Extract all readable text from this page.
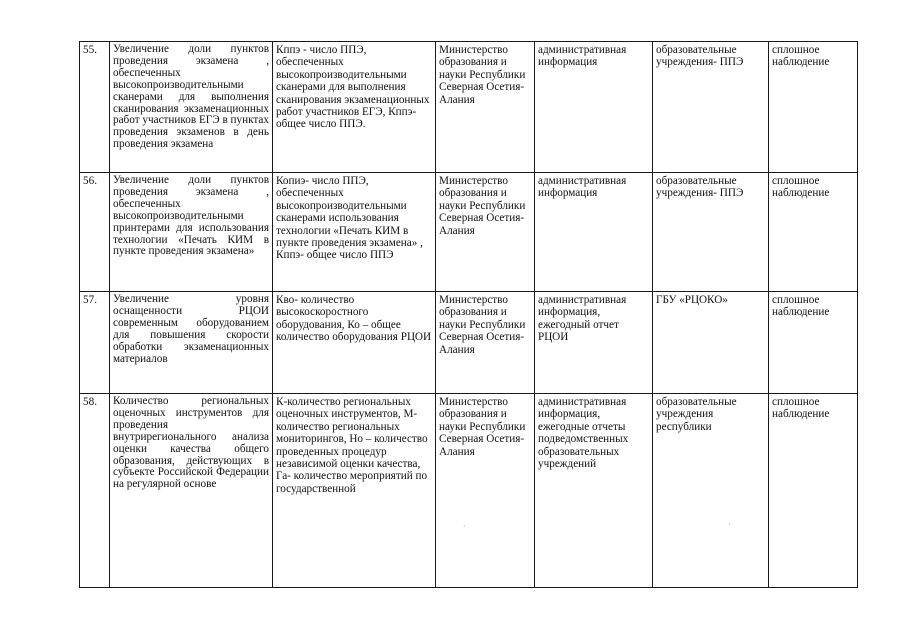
55.	Увеличение доли пунктов проведения экзамена , обеспеченных высокопроизводительными сканерами для выполнения сканирования экзаменационных работ участников ЕГЭ в пунктах проведения экзаменов в день проведения экзамена	Кппэ - число ППЭ, обеспеченных высокопроизводительными сканерами для выполнения сканирования экзаменационных работ участников ЕГЭ, Кппэ- общее число ППЭ.	Министерство образования и науки Республики Северная Осетия-Алания	административная информация	образовательные учреждения- ППЭ	сплошное наблюдение
56.	Увеличение доли пунктов проведения экзамена , обеспеченных высокопроизводительными принтерами для использования технологии «Печать КИМ в пункте проведения экзамена»	Копиэ- число ППЭ, обеспеченных высокопроизводительными сканерами использования технологии «Печать КИМ в пункте проведения экзамена» , Кппэ- общее число ППЭ	Министерство образования и науки Республики Северная Осетия-Алания	административная информация	образовательные учреждения- ППЭ	сплошное наблюдение
57.	Увеличение уровня оснащенности РЦОИ современным оборудованием для повышения скорости обработки экзаменационных материалов	Кво- количество высокоскоростного оборудования, Ко – общее количество оборудования РЦОИ	Министерство образования и науки Республики Северная Осетия-Алания	административная информация, ежегодный отчет РЦОИ	ГБУ «РЦОКО»	сплошное наблюдение
58.	Количество региональных оценочных инструментов для проведения внутрирегионального анализа оценки качества общего образования, действующих в субъекте Российской Федерации на регулярной основе	К-количество региональных оценочных инструментов, М- количество региональных мониторингов, Но – количество проведенных процедур независимой оценки качества, Га- количество мероприятий по государственной	Министерство образования и науки Республики Северная Осетия-Алания	административная информация, ежегодные отчеты подведомственных образовательных учреждений	образовательные учреждения республики	сплошное наблюдение
·	·
